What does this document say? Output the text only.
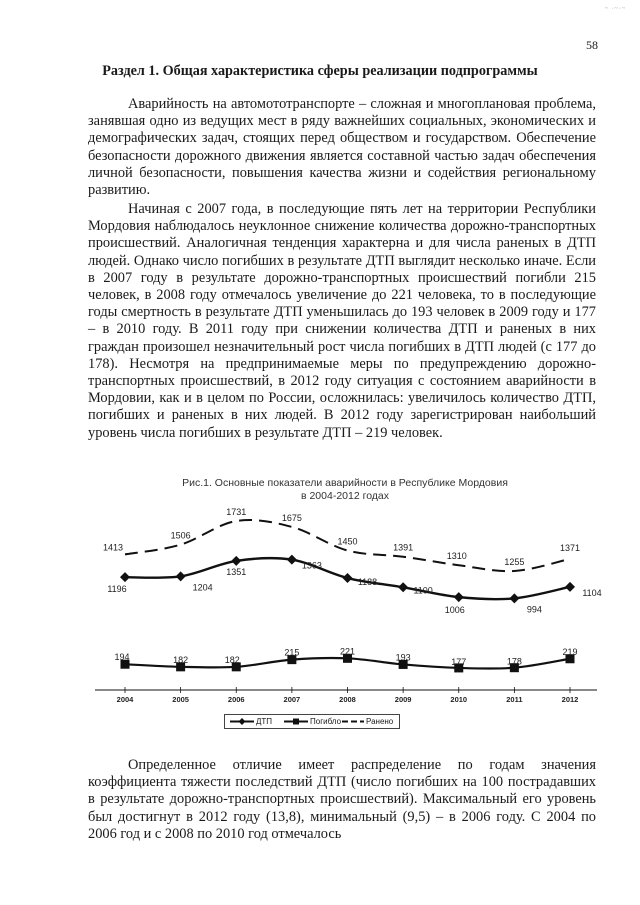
~ ·~·~
58
Раздел 1. Общая характеристика сферы реализации подпрограммы

Аварийность на автомототранспорте – сложная и многоплановая проблема, занявшая одно из ведущих мест в ряду важнейших социальных, экономических и демографических задач, стоящих перед обществом и государством. Обеспечение безопасности дорожного движения является составной частью задач обеспечения личной безопасности, повышения качества жизни и содействия региональному развитию.

Начиная с 2007 года, в последующие пять лет на территории Республики Мордовия наблюдалось неуклонное снижение количества дорожно-транспортных происшествий. Аналогичная тенденция характерна и для числа раненых в ДТП людей. Однако число погибших в результате ДТП выглядит несколько иначе. Если в 2007 году в результате дорожно-транспортных происшествий погибли 215 человек, в 2008 году отмечалось увеличение до 221 человека, то в последующие годы смертность в результате ДТП уменьшилась до 193 человек в 2009 году и 177 – в 2010 году. В 2011 году при снижении количества ДТП и раненых в них граждан произошел незначительный рост числа погибших в ДТП людей (с 177 до 178). Несмотря на предпринимаемые меры по предупреждению дорожно-транспортных происшествий, в 2012 году ситуация с состоянием аварийности в Мордовии, как и в целом по России, осложнилась: увеличилось количество ДТП, погибших и раненых в них людей. В 2012 году зарегистрирован наибольший уровень числа погибших в результате ДТП – 219 человек.

Рис.1. Основные показатели аварийности в Республике Мордовия
в 2004-2012 годах
2004	2005	2006	2007	2008	2009	2010	2011	2012
1413
1506
1731
1675
1450
1391
1310
1255
1371
1196	1204
1351
1363
1188
1100
1006	994
1104
194	182	182
215	221
193	177	178
219
ДТП	Погибло	Ранено

Определенное отличие имеет распределение по годам значения коэффициента тяжести последствий ДТП (число погибших на 100 пострадавших в результате дорожно-транспортных происшествий). Максимальный его уровень был достигнут в 2012 году (13,8), минимальный (9,5) – в 2006 году. С 2004 по 2006 год и с 2008 по 2010 год отмечалось
